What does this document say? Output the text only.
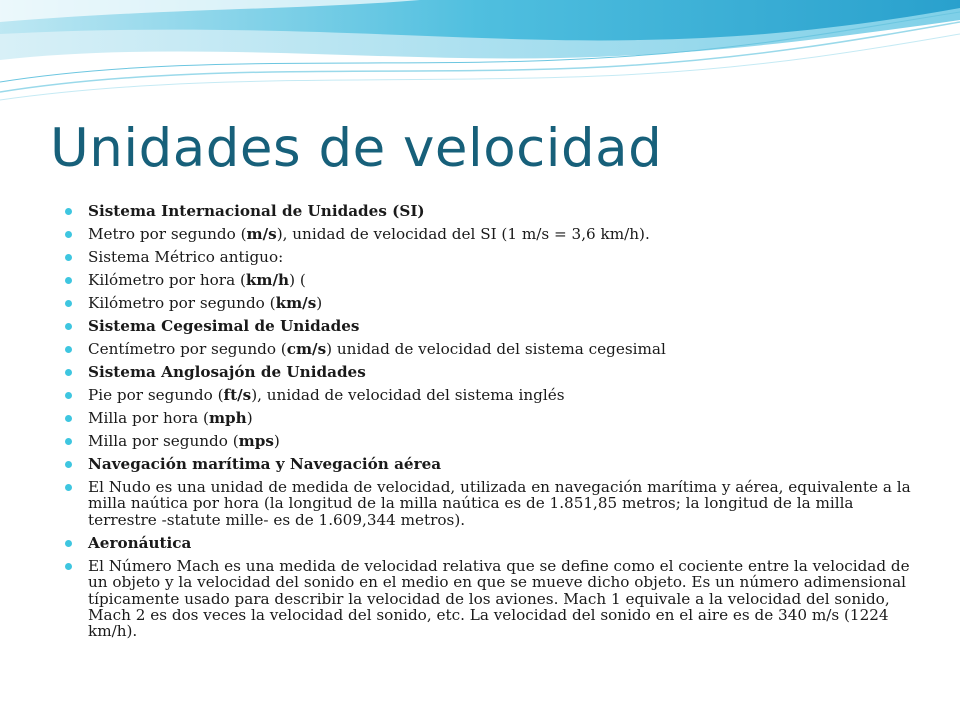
Unidades de velocidad
Sistema Internacional de Unidades (SI)
Metro por segundo (m/s), unidad de velocidad del SI (1 m/s = 3,6 km/h).
Sistema Métrico antiguo:
Kilómetro por hora (km/h) (
Kilómetro por segundo (km/s)
Sistema Cegesimal de Unidades
Centímetro por segundo (cm/s) unidad de velocidad del sistema cegesimal
Sistema Anglosajón de Unidades
Pie por segundo (ft/s), unidad de velocidad del sistema inglés
Milla por hora (mph)
Milla por segundo (mps)
Navegación marítima y Navegación aérea
El Nudo es una unidad de medida de velocidad, utilizada en navegación marítima y aérea, equivalente a la milla naútica por hora (la longitud de la milla naútica es de 1.851,85 metros; la longitud de la milla terrestre -statute mille- es de 1.609,344 metros).
Aeronáutica
El Número Mach es una medida de velocidad relativa que se define como el cociente entre la velocidad de un objeto y la velocidad del sonido en el medio en que se mueve dicho objeto. Es un número adimensional típicamente usado para describir la velocidad de los aviones. Mach 1 equivale a la velocidad del sonido, Mach 2 es dos veces la velocidad del sonido, etc. La velocidad del sonido en el aire es de 340 m/s (1224 km/h).
